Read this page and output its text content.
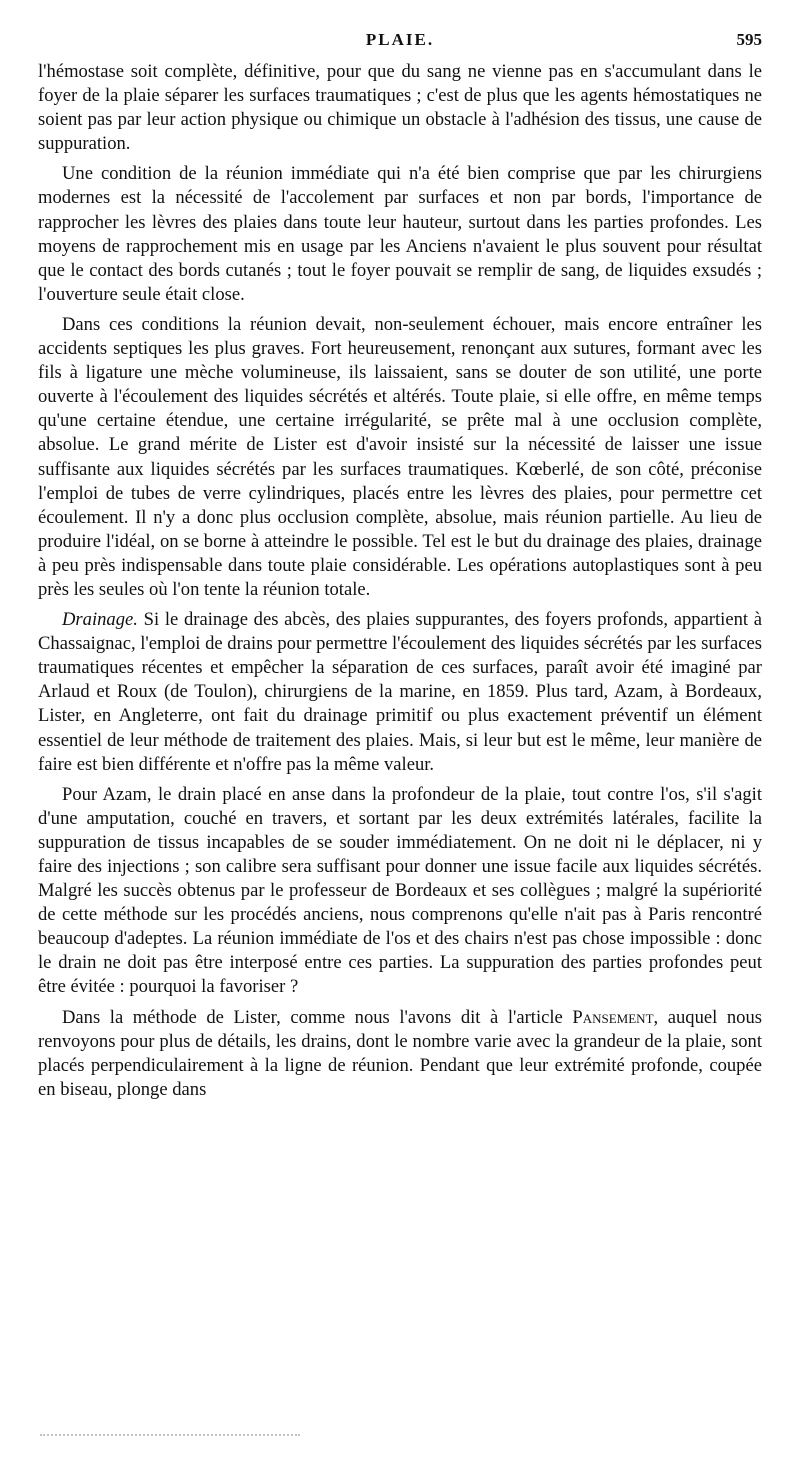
PLAIE.	595

l'hémostase soit complète, définitive, pour que du sang ne vienne pas en s'accumulant dans le foyer de la plaie séparer les surfaces traumatiques ; c'est de plus que les agents hémostatiques ne soient pas par leur action physique ou chimique un obstacle à l'adhésion des tissus, une cause de suppuration.

Une condition de la réunion immédiate qui n'a été bien comprise que par les chirurgiens modernes est la nécessité de l'accolement par surfaces et non par bords, l'importance de rapprocher les lèvres des plaies dans toute leur hauteur, surtout dans les parties profondes. Les moyens de rapprochement mis en usage par les Anciens n'avaient le plus souvent pour résultat que le contact des bords cutanés ; tout le foyer pouvait se remplir de sang, de liquides exsudés ; l'ouverture seule était close.

Dans ces conditions la réunion devait, non-seulement échouer, mais encore entraîner les accidents septiques les plus graves. Fort heureusement, renonçant aux sutures, formant avec les fils à ligature une mèche volumineuse, ils laissaient, sans se douter de son utilité, une porte ouverte à l'écoulement des liquides sécrétés et altérés. Toute plaie, si elle offre, en même temps qu'une certaine étendue, une certaine irrégularité, se prête mal à une occlusion complète, absolue. Le grand mérite de Lister est d'avoir insisté sur la nécessité de laisser une issue suffisante aux liquides sécrétés par les surfaces traumatiques. Kœberlé, de son côté, préconise l'emploi de tubes de verre cylindriques, placés entre les lèvres des plaies, pour permettre cet écoulement. Il n'y a donc plus occlusion complète, absolue, mais réunion partielle. Au lieu de produire l'idéal, on se borne à atteindre le possible. Tel est le but du drainage des plaies, drainage à peu près indispensable dans toute plaie considérable. Les opérations autoplastiques sont à peu près les seules où l'on tente la réunion totale.

Drainage. Si le drainage des abcès, des plaies suppurantes, des foyers profonds, appartient à Chassaignac, l'emploi de drains pour permettre l'écoulement des liquides sécrétés par les surfaces traumatiques récentes et empêcher la séparation de ces surfaces, paraît avoir été imaginé par Arlaud et Roux (de Toulon), chirurgiens de la marine, en 1859. Plus tard, Azam, à Bordeaux, Lister, en Angleterre, ont fait du drainage primitif ou plus exactement préventif un élément essentiel de leur méthode de traitement des plaies. Mais, si leur but est le même, leur manière de faire est bien différente et n'offre pas la même valeur.

Pour Azam, le drain placé en anse dans la profondeur de la plaie, tout contre l'os, s'il s'agit d'une amputation, couché en travers, et sortant par les deux extrémités latérales, facilite la suppuration de tissus incapables de se souder immédiatement. On ne doit ni le déplacer, ni y faire des injections ; son calibre sera suffisant pour donner une issue facile aux liquides sécrétés. Malgré les succès obtenus par le professeur de Bordeaux et ses collègues ; malgré la supériorité de cette méthode sur les procédés anciens, nous comprenons qu'elle n'ait pas à Paris rencontré beaucoup d'adeptes. La réunion immédiate de l'os et des chairs n'est pas chose impossible : donc le drain ne doit pas être interposé entre ces parties. La suppuration des parties profondes peut être évitée : pourquoi la favoriser ?

Dans la méthode de Lister, comme nous l'avons dit à l'article Pansement, auquel nous renvoyons pour plus de détails, les drains, dont le nombre varie avec la grandeur de la plaie, sont placés perpendiculairement à la ligne de réunion. Pendant que leur extrémité profonde, coupée en biseau, plonge dans
